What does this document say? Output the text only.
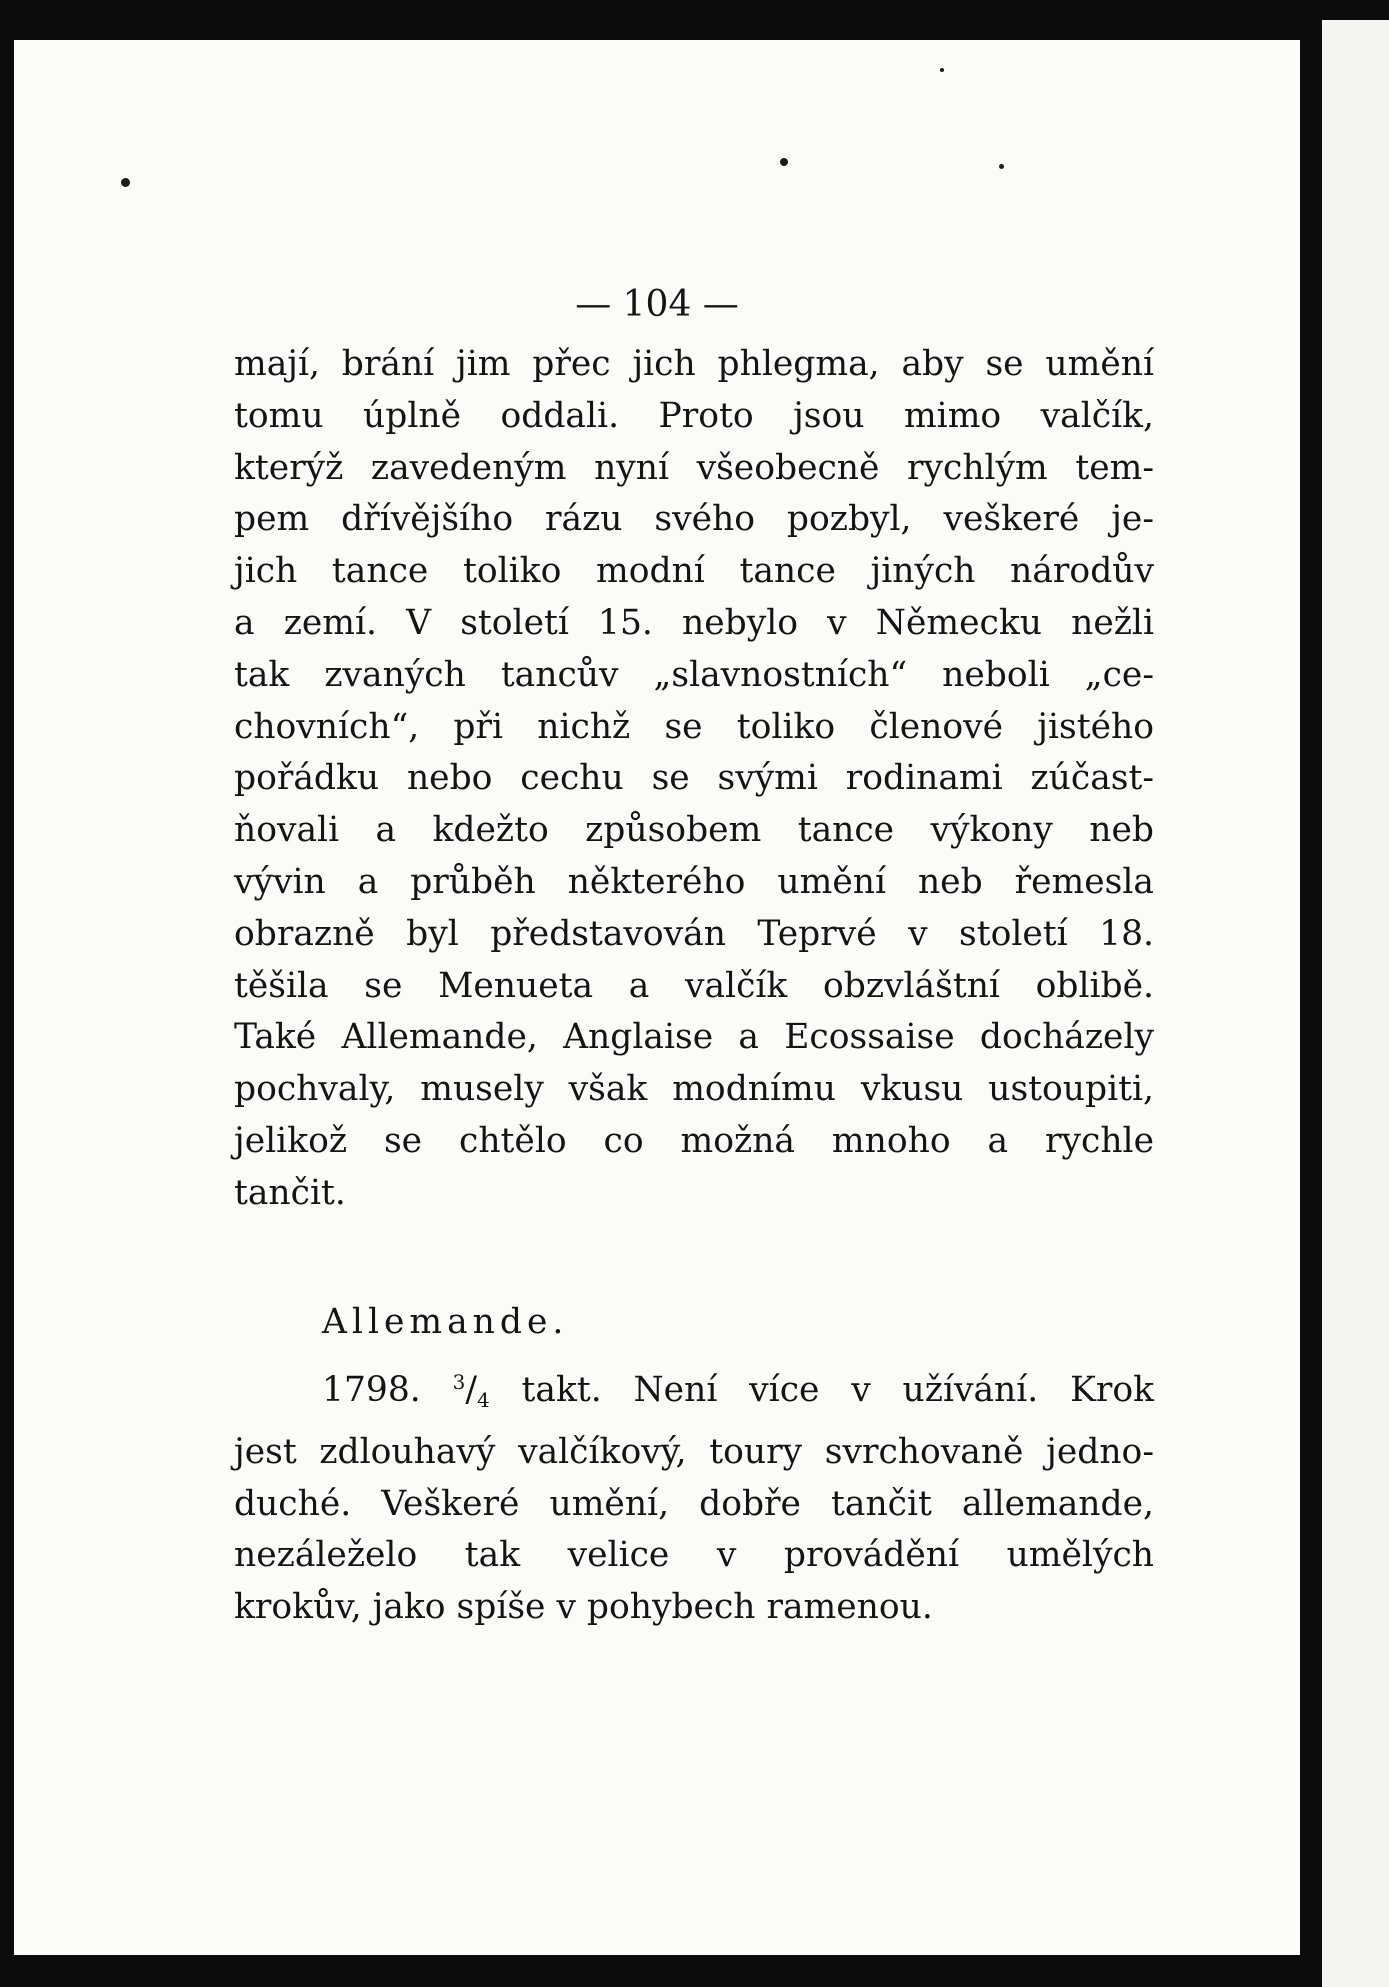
— 104 —

mají, brání jim přec jich phlegma, aby se umění
tomu úplně oddali. Proto jsou mimo valčík,
kterýž zavedeným nyní všeobecně rychlým tem-
pem dřívějšího rázu svého pozbyl, veškeré je-
jich tance toliko modní tance jiných národův
a zemí. V století 15. nebylo v Německu nežli
tak zvaných tancův „slavnostních“ neboli „ce-
chovních“, při nichž se toliko členové jistého
pořádku nebo cechu se svými rodinami zúčast-
ňovali a kdežto způsobem tance výkony neb
vývin a průběh některého umění neb řemesla
obrazně byl představován Teprvé v století 18.
těšila se Menueta a valčík obzvláštní oblibě.
Také Allemande, Anglaise a Ecossaise docházely
pochvaly, musely však modnímu vkusu ustoupiti,
jelikož se chtělo co možná mnoho a rychle
tančit.

Allemande.

1798. $^3/_4$ takt. Není více v užívání. Krok
jest zdlouhavý valčíkový, toury svrchovaně jedno-
duché. Veškeré umění, dobře tančit allemande,
nezáleželo tak velice v provádění umělých
krokův, jako spíše v pohybech ramenou.
